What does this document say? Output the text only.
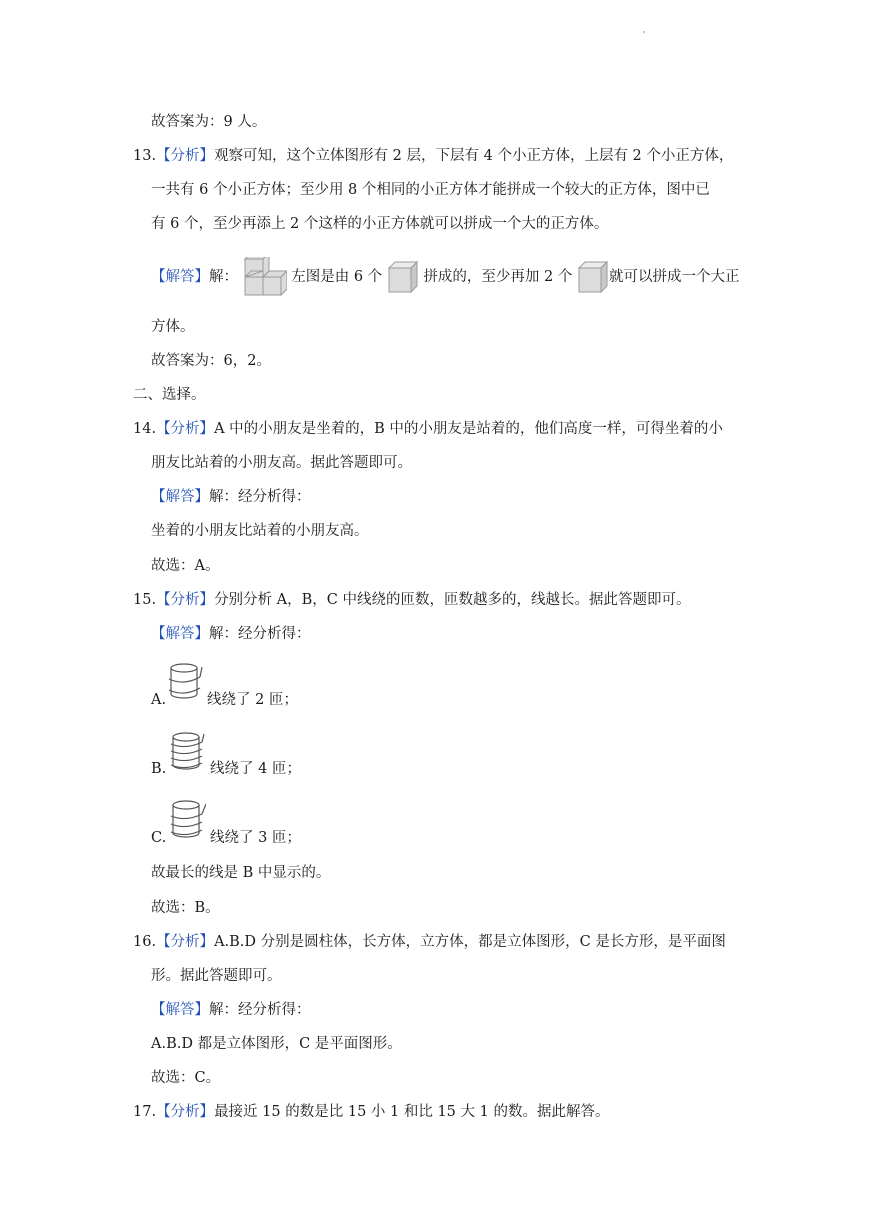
'
故答案为：9 人。
13.【分析】观察可知，这个立体图形有 2 层，下层有 4 个小正方体，上层有 2 个小正方体，
一共有 6 个小正方体；至少用 8 个相同的小正方体才能拼成一个较大的正方体，图中已
有 6 个，至少再添上 2 个这样的小正方体就可以拼成一个大的正方体。
【解答】解：	左图是由 6 个	拼成的，至少再加 2 个	就可以拼成一个大正
方体。
故答案为：6，2。
二、选择。
14.【分析】A 中的小朋友是坐着的，B 中的小朋友是站着的，他们高度一样，可得坐着的小
朋友比站着的小朋友高。据此答题即可。
【解答】解：经分析得：
坐着的小朋友比站着的小朋友高。
故选：A。
15.【分析】分别分析 A，B，C 中线绕的匝数，匝数越多的，线越长。据此答题即可。
【解答】解：经分析得：
A.	线绕了 2 匝；
B.	线绕了 4 匝；
C.	线绕了 3 匝；
故最长的线是 B 中显示的。
故选：B。
16.【分析】A.B.D 分别是圆柱体，长方体，立方体，都是立体图形，C 是长方形，是平面图
形。据此答题即可。
【解答】解：经分析得：
A.B.D 都是立体图形，C 是平面图形。
故选：C。
17.【分析】最接近 15 的数是比 15 小 1 和比 15 大 1 的数。据此解答。
